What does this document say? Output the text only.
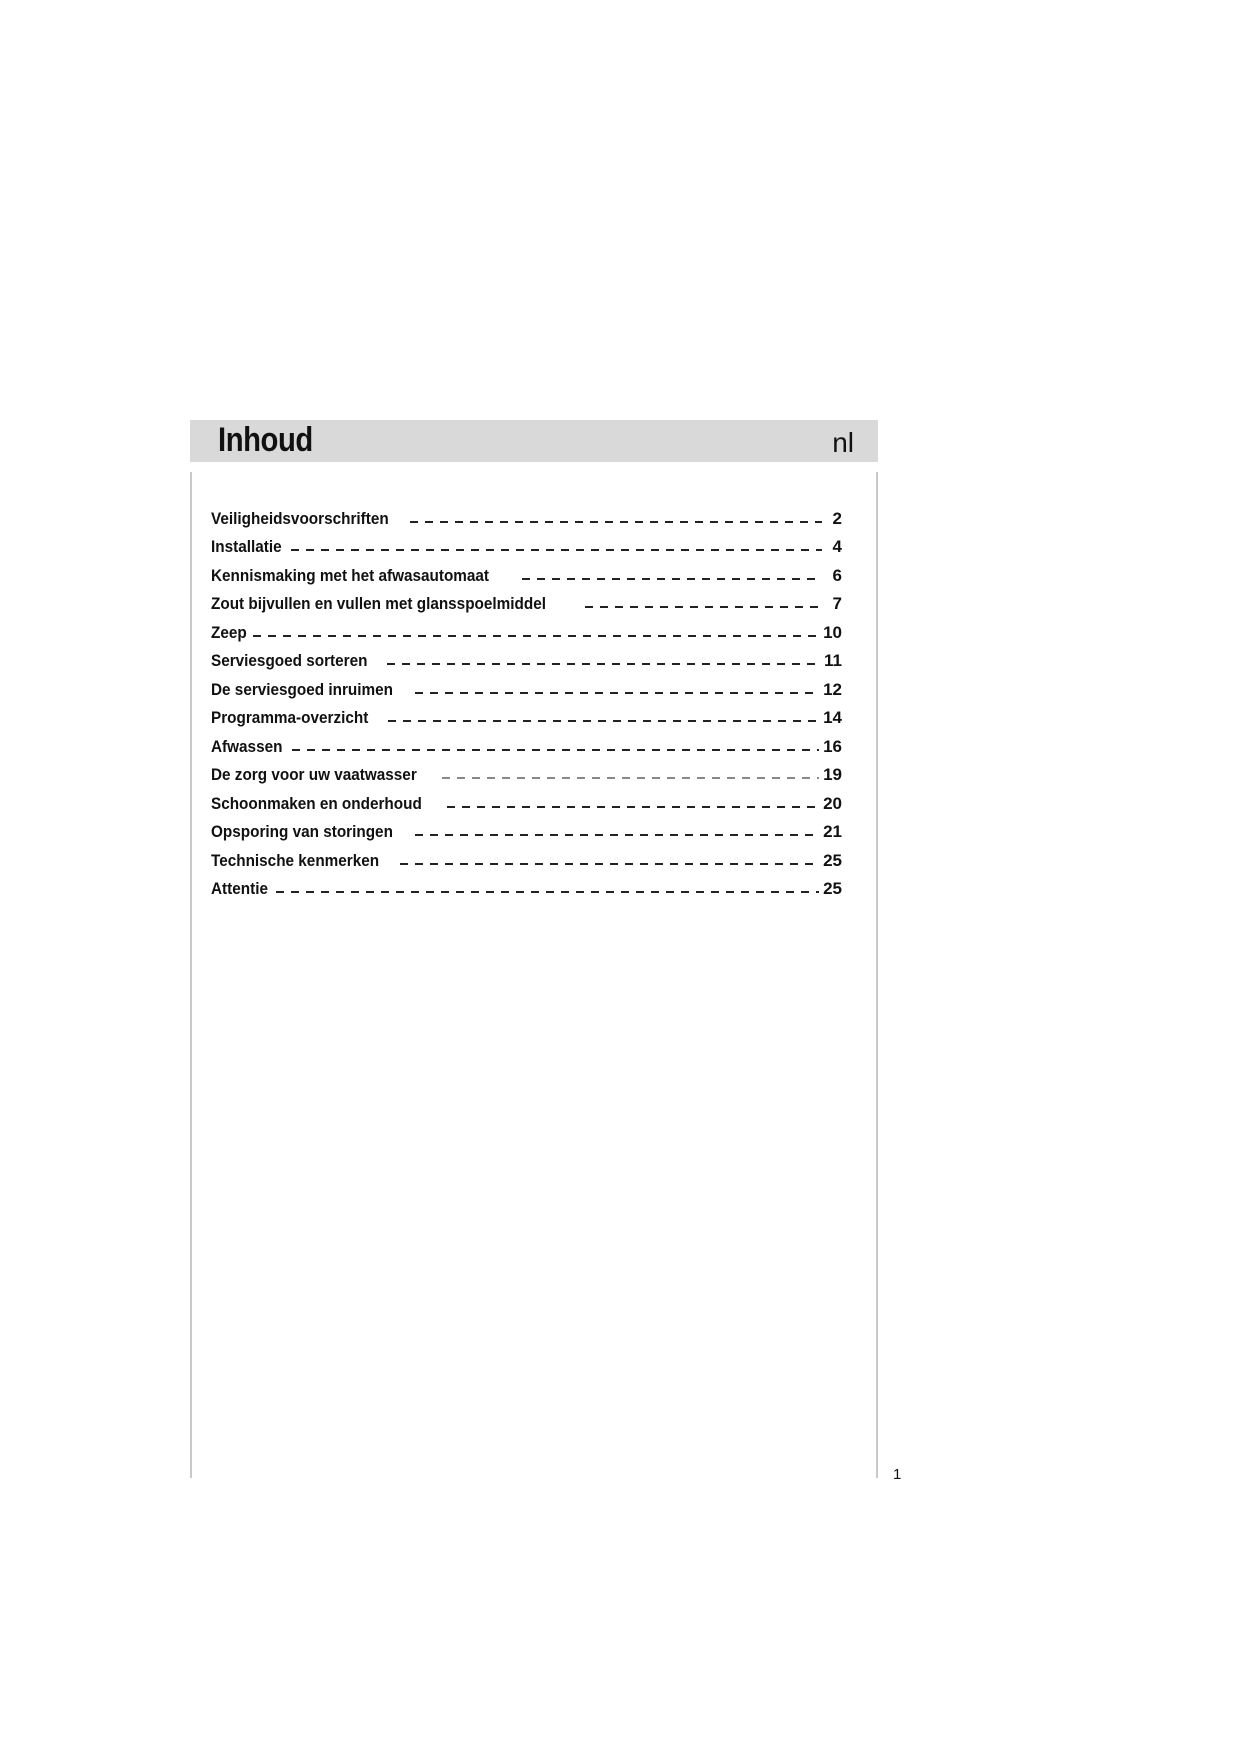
Inhoud	nl
Veiligheidsvoorschriften	2
Installatie	4
Kennismaking met het afwasautomaat	6
Zout bijvullen en vullen met glansspoelmiddel	7
Zeep	10
Serviesgoed sorteren	11
De serviesgoed inruimen	12
Programma-overzicht	14
Afwassen	16
De zorg voor uw vaatwasser	19
Schoonmaken en onderhoud	20
Opsporing van storingen	21
Technische kenmerken	25
Attentie	25
1
